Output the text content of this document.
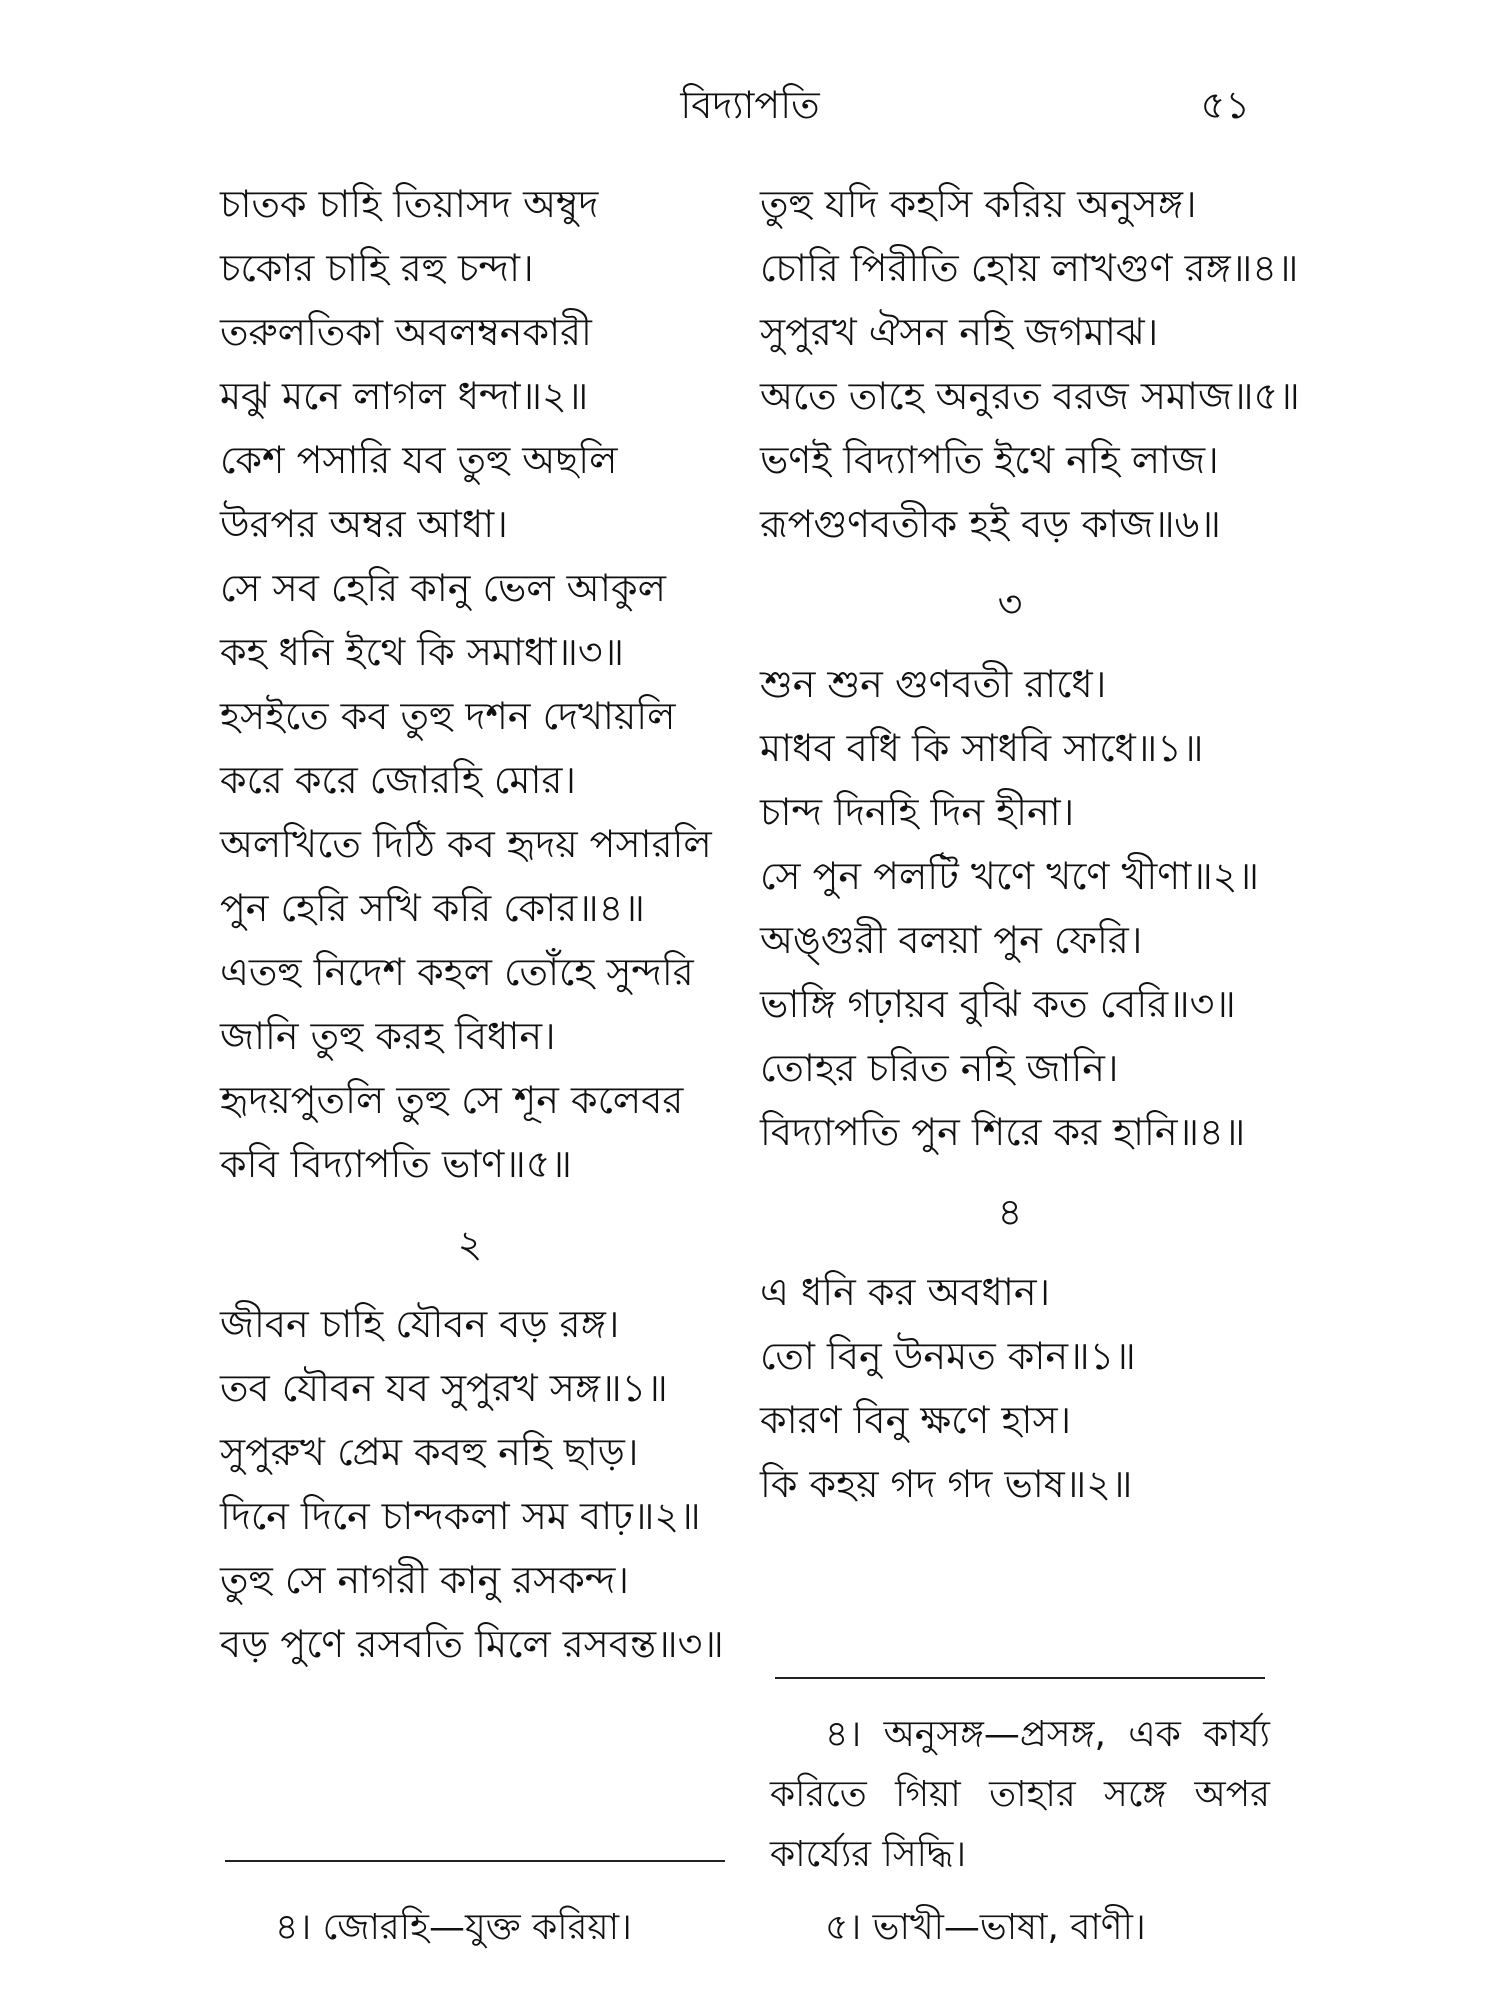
বিদ্যাপতি	৫১
চাতক চাহি তিয়াসদ অম্বুদ
চকোর চাহি রহু চন্দা।
তরুলতিকা অবলম্বনকারী
মঝু মনে লাগল ধন্দা॥২॥
কেশ পসারি যব তুহু অছলি
উরপর অম্বর আধা।
সে সব হেরি কানু ভেল আকুল
কহ ধনি ইথে কি সমাধা॥৩॥
হসইতে কব তুহু দশন দেখায়লি
করে করে জোরহি মোর।
অলখিতে দিঠি কব হৃদয় পসারলি
পুন হেরি সখি করি কোর॥৪॥
এতহু নিদেশ কহল তোঁহে সুন্দরি
জানি তুহু করহ বিধান।
হৃদয়পুতলি তুহু সে শূন কলেবর
কবি বিদ্যাপতি ভাণ॥৫॥
২
জীবন চাহি যৌবন বড় রঙ্গ।
তব যৌবন যব সুপুরখ সঙ্গ॥১॥
সুপুরুখ প্রেম কবহু নহি ছাড়।
দিনে দিনে চান্দকলা সম বাঢ়॥২॥
তুহু সে নাগরী কানু রসকন্দ।
বড় পুণে রসবতি মিলে রসবন্ত॥৩॥
তুহু যদি কহসি করিয় অনুসঙ্গ।
চোরি পিরীতি হোয় লাখগুণ রঙ্গ॥৪॥
সুপুরখ ঐসন নহি জগমাঝ।
অতে তাহে অনুরত বরজ সমাজ॥৫॥
ভণই বিদ্যাপতি ইথে নহি লাজ।
রূপগুণবতীক হই বড় কাজ॥৬॥
৩
শুন শুন গুণবতী রাধে।
মাধব বধি কি সাধবি সাধে॥১॥
চান্দ দিনহি দিন হীনা।
সে পুন পলটি খণে খণে খীণা॥২॥
অঙ্গুরী বলয়া পুন ফেরি।
ভাঙ্গি গঢ়ায়ব বুঝি কত বেরি॥৩॥
তোহর চরিত নহি জানি।
বিদ্যাপতি পুন শিরে কর হানি॥৪॥
৪
এ ধনি কর অবধান।
তো বিনু উনমত কান॥১॥
কারণ বিনু ক্ষণে হাস।
কি কহয় গদ গদ ভাষ॥২॥
৪। অনুসঙ্গ—প্রসঙ্গ, এক কার্য্য
করিতে গিয়া তাহার সঙ্গে অপর
কার্য্যের সিদ্ধি।
৪। জোরহি—যুক্ত করিয়া।	৫। ভাখী—ভাষা, বাণী।
